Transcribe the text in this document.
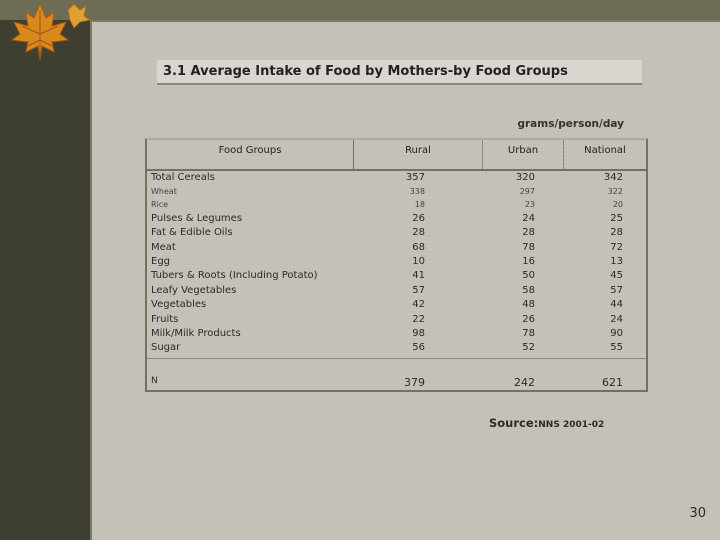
3.1 Average Intake of Food by Mothers-by Food Groups
grams/person/day
Food Groups	Rural	Urban	National
Total Cereals	357	320	342
Wheat	338	297	322
Rice	18	23	20
Pulses & Legumes	26	24	25
Fat & Edible Oils	28	28	28
Meat	68	78	72
Egg	10	16	13
Tubers & Roots (Including Potato)	41	50	45
Leafy Vegetables	57	58	57
Vegetables	42	48	44
Fruits	22	26	24
Milk/Milk Products	98	78	90
Sugar	56	52	55
N	379	242	621
Source:NNS 2001-02
30
